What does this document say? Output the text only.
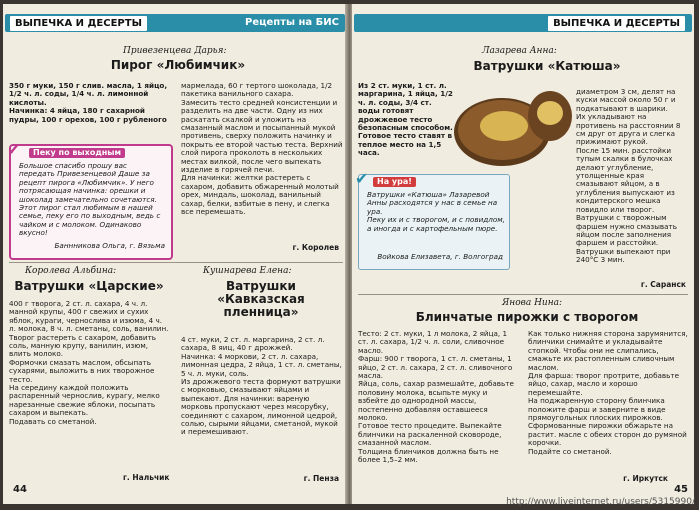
ВЫПЕЧКА И ДЕСЕРТЫ	Рецепты на БИС
Привезенцева Дарья:
Пирог «Любимчик»
350 г муки, 150 г слив. масла, 1 яйцо, 1/2 ч. л. соды, 1/4 ч. л. лимонной кислоты.
Начинка: 4 яйца, 180 г сахарной пудры, 100 г орехов, 100 г рубленого
мармелада, 60 г тертого шоколада, 1/2 пакетика ванильного сахара.
Замесить тесто средней консистенции и разделить на две части. Одну из них раскатать скалкой и уложить на смазанный маслом и посыпанный мукой противень, сверху положить начинку и покрыть ее второй частью теста. Верхний слой пирога проколоть в нескольких местах вилкой, после чего выпекать изделие в горячей печи.
Для начинки: желтки растереть с сахаром, добавить обжаренный молотый орех, миндаль, шоколад, ванильный сахар, белки, взбитые в пену, и слегка все перемешать.
г. Королев
✔	Пеку по выходным
Большое спасибо прошу вас передать Привезенцевой Даше за рецепт пирога «Любимчик». У него потрясающая начинка: орешки и шоколад замечательно сочетаются. Этот пирог стал любимым в нашей семье, пеку его по выходным, ведь с чайком и с молоком. Одинаково вкусно!
Баннникова Ольга, г. Вязьма
Королева Альбина:
Ватрушки «Царские»
400 г творога, 2 ст. л. сахара, 4 ч. л. манной крупы, 400 г свежих и сухих яблок, кураги, чернослива и изюма, 4 ч. л. молока, 8 ч. л. сметаны, соль, ванилин.
Творог растереть с сахаром, добавить соль, манную крупу, ванилин, изюм, влить молоко.
Формочки смазать маслом, обсыпать сухарями, выложить в них творожное тесто.
На середину каждой положить распаренный чернослив, курагу, мелко нарезанные свежие яблоки, посыпать сахаром и выпекать.
Подавать со сметаной.
г. Нальчик
Кушнарева Елена:
Ватрушки «Кавказская пленница»
4 ст. муки, 2 ст. л. маргарина, 2 ст. л. сахара, 8 яиц, 40 г дрожжей.
Начинка: 4 моркови, 2 ст. л. сахара, лимонная цедра, 2 яйца, 1 ст. л. сметаны, 5 ч. л. муки, соль.
Из дрожжевого теста формуют ватрушки с морковью, смазывают яйцами и выпекают. Для начинки: вареную морковь пропускают через мясорубку, соединяют с сахаром, лимонной цедрой, солью, сырыми яйцами, сметаной, мукой и перемешивают.
г. Пенза
44
ВЫПЕЧКА И ДЕСЕРТЫ
Лазарева Анна:
Ватрушки «Катюша»
Из 2 ст. муки, 1 ст. л. маргарина, 1 яйца, 1/2 ч. л. соды, 3/4 ст. воды готовят дрожжевое тесто безопасным способом.
Готовое тесто ставят в теплое место на 1,5 часа.
диаметром 3 см, делят на куски массой около 50 г и подкатывают в шарики.
Их укладывают на противень на расстоянии 8 см друг от друга и слегка прижимают рукой.
После 15 мин. расстойки тупым скалки в булочках делают углубление, утолщенные края смазывают яйцом, а в углубления выпускают из кондитерского мешка повидло или творог.
Ватрушки с творожным фаршем нужно смазывать яйцом после заполнения фаршем и расстойки.
Ватрушки выпекают при 240°С 3 мин.
г. Саранск
✔	На ура!
Ватрушки «Катюша» Лазаревой Анны расходятся у нас в семье на ура.
Пеку их и с творогом, и с повидлом, а иногда и с картофельным пюре.
Войкова Елизавета, г. Волгоград
Янова Нина:
Блинчатые пирожки с творогом
Тесто: 2 ст. муки, 1 л молока, 2 яйца, 1 ст. л. сахара, 1/2 ч. л. соли, сливочное масло.
Фарш: 900 г творога, 1 ст. л. сметаны, 1 яйцо, 2 ст. л. сахара, 2 ст. л. сливочного масла.
Яйца, соль, сахар размешайте, добавьте половину молока, всыпьте муку и взбейте до однородной массы, постепенно добавляя оставшееся молоко.
Готовое тесто процедите. Выпекайте блинчики на раскаленной сковороде, смазанной маслом.
Толщина блинчиков должна быть не более 1,5–2 мм.
Как только нижняя сторона зарумянится, блинчики снимайте и укладывайте стопкой. Чтобы они не слипались, смажьте их растопленным сливочным маслом.
Для фарша: творог протрите, добавьте яйцо, сахар, масло и хорошо перемешайте.
На поджаренную сторону блинчика положите фарш и заверните в виде прямоугольных плоских пирожков.
Сформованные пирожки обжарьте на растит. масле с обеих сторон до румяной корочки.
Подайте со сметаной.
г. Иркутск
45
http://www.liveinternet.ru/users/5315990/
